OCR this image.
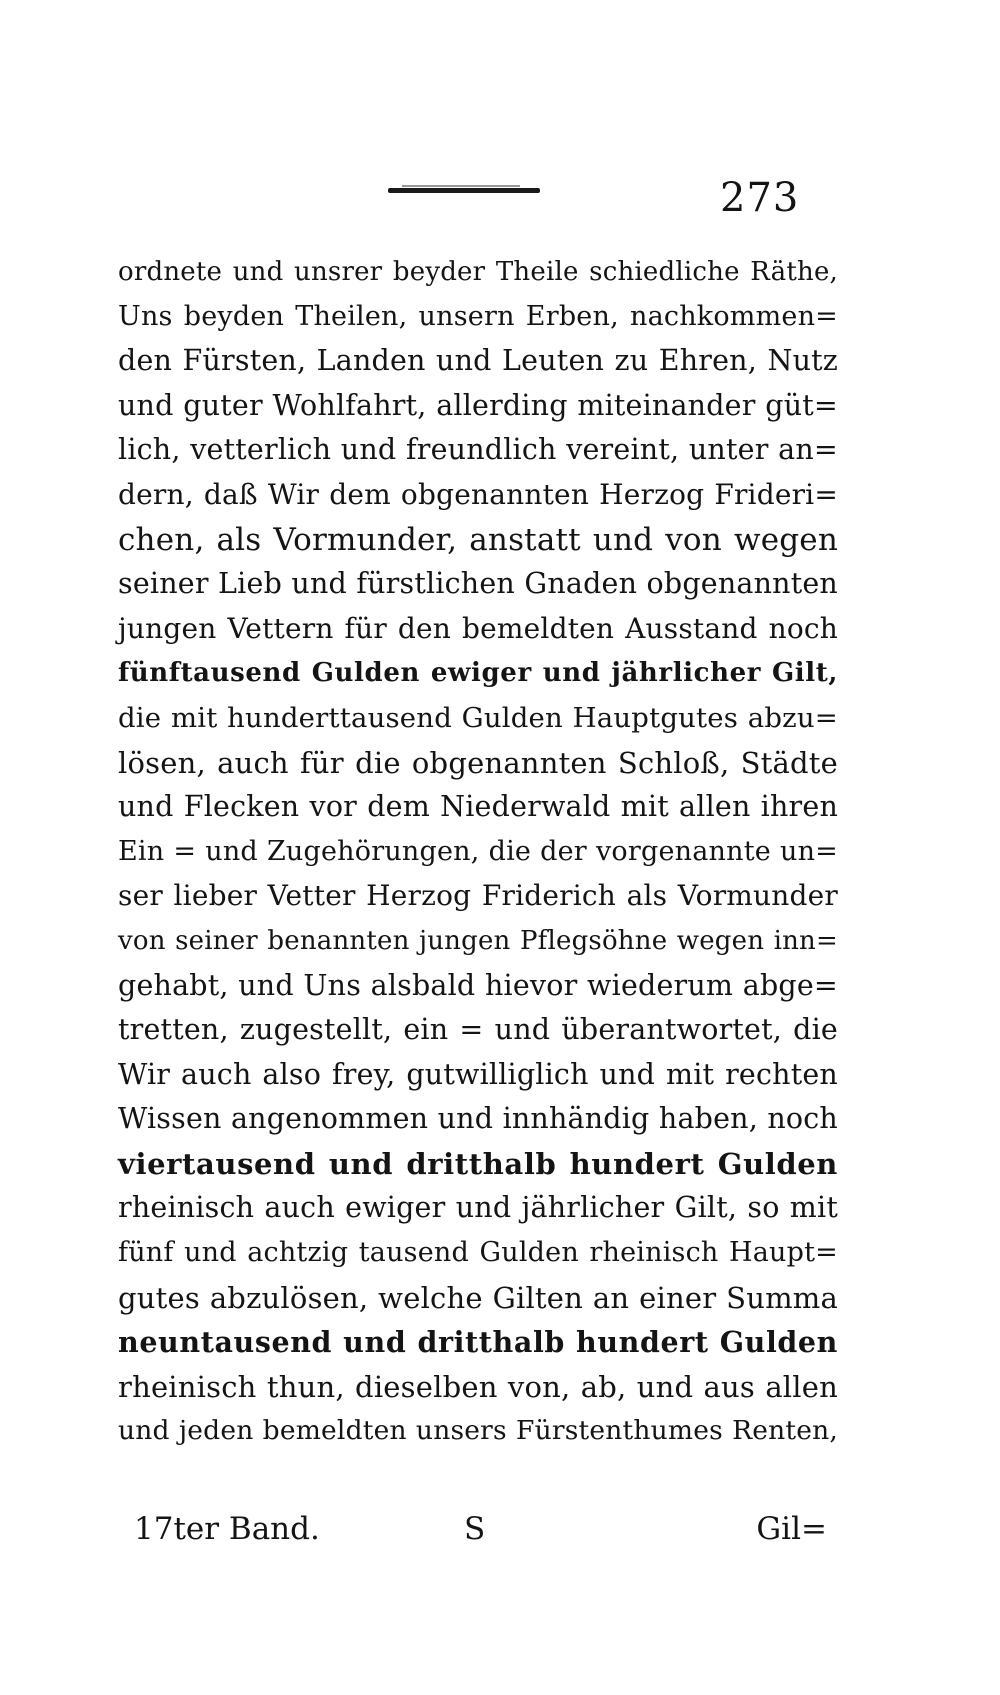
273
ordnete und unsrer beyder Theile schiedliche Räthe,
Uns beyden Theilen, unsern Erben, nachkommen=
den Fürsten, Landen und Leuten zu Ehren, Nutz
und guter Wohlfahrt, allerding miteinander güt=
lich, vetterlich und freundlich vereint, unter an=
dern, daß Wir dem obgenannten Herzog Frideri=
chen, als Vormunder, anstatt und von wegen
seiner Lieb und fürstlichen Gnaden obgenannten
jungen Vettern für den bemeldten Ausstand noch
fünftausend Gulden ewiger und jährlicher Gilt,
die mit hunderttausend Gulden Hauptgutes abzu=
lösen, auch für die obgenannten Schloß, Städte
und Flecken vor dem Niederwald mit allen ihren
Ein = und Zugehörungen, die der vorgenannte un=
ser lieber Vetter Herzog Friderich als Vormunder
von seiner benannten jungen Pflegsöhne wegen inn=
gehabt, und Uns alsbald hievor wiederum abge=
tretten, zugestellt, ein = und überantwortet, die
Wir auch also frey, gutwilliglich und mit rechten
Wissen angenommen und innhändig haben, noch
viertausend und dritthalb hundert Gulden
rheinisch auch ewiger und jährlicher Gilt, so mit
fünf und achtzig tausend Gulden rheinisch Haupt=
gutes abzulösen, welche Gilten an einer Summa
neuntausend und dritthalb hundert Gulden
rheinisch thun, dieselben von, ab, und aus allen
und jeden bemeldten unsers Fürstenthumes Renten,
17ter Band.	S	Gil=
